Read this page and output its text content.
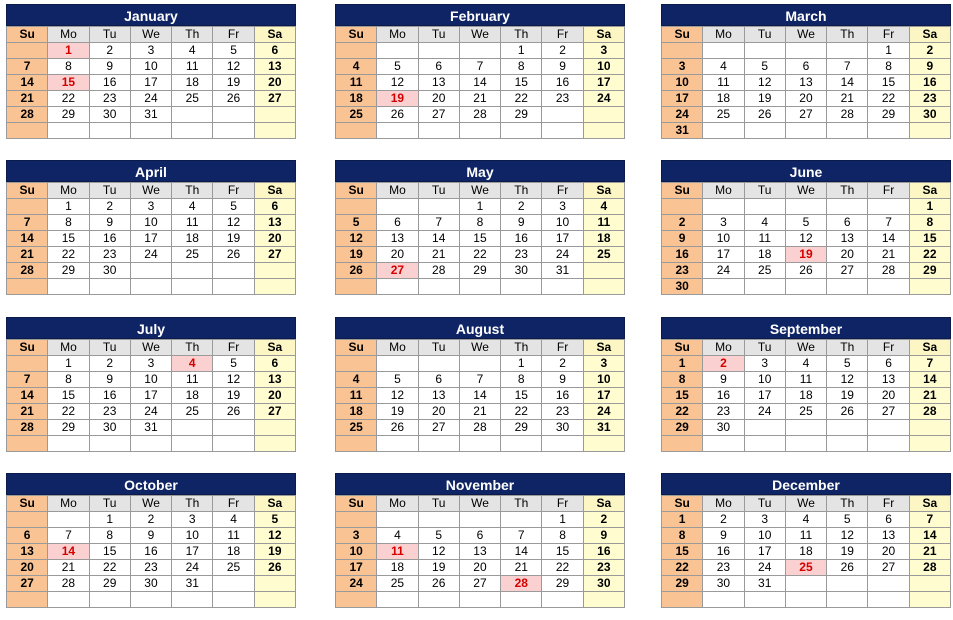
January
Su	Mo	Tu	We	Th	Fr	Sa
	1	2	3	4	5	6
7	8	9	10	11	12	13
14	15	16	17	18	19	20
21	22	23	24	25	26	27
28	29	30	31			

February
Su	Mo	Tu	We	Th	Fr	Sa
				1	2	3
4	5	6	7	8	9	10
11	12	13	14	15	16	17
18	19	20	21	22	23	24
25	26	27	28	29		

March
Su	Mo	Tu	We	Th	Fr	Sa
					1	2
3	4	5	6	7	8	9
10	11	12	13	14	15	16
17	18	19	20	21	22	23
24	25	26	27	28	29	30
31						
April
Su	Mo	Tu	We	Th	Fr	Sa
	1	2	3	4	5	6
7	8	9	10	11	12	13
14	15	16	17	18	19	20
21	22	23	24	25	26	27
28	29	30				

May
Su	Mo	Tu	We	Th	Fr	Sa
			1	2	3	4
5	6	7	8	9	10	11
12	13	14	15	16	17	18
19	20	21	22	23	24	25
26	27	28	29	30	31	

June
Su	Mo	Tu	We	Th	Fr	Sa
						1
2	3	4	5	6	7	8
9	10	11	12	13	14	15
16	17	18	19	20	21	22
23	24	25	26	27	28	29
30						
July
Su	Mo	Tu	We	Th	Fr	Sa
	1	2	3	4	5	6
7	8	9	10	11	12	13
14	15	16	17	18	19	20
21	22	23	24	25	26	27
28	29	30	31			

August
Su	Mo	Tu	We	Th	Fr	Sa
				1	2	3
4	5	6	7	8	9	10
11	12	13	14	15	16	17
18	19	20	21	22	23	24
25	26	27	28	29	30	31

September
Su	Mo	Tu	We	Th	Fr	Sa
1	2	3	4	5	6	7
8	9	10	11	12	13	14
15	16	17	18	19	20	21
22	23	24	25	26	27	28
29	30					

October
Su	Mo	Tu	We	Th	Fr	Sa
		1	2	3	4	5
6	7	8	9	10	11	12
13	14	15	16	17	18	19
20	21	22	23	24	25	26
27	28	29	30	31		

November
Su	Mo	Tu	We	Th	Fr	Sa
					1	2
3	4	5	6	7	8	9
10	11	12	13	14	15	16
17	18	19	20	21	22	23
24	25	26	27	28	29	30

December
Su	Mo	Tu	We	Th	Fr	Sa
1	2	3	4	5	6	7
8	9	10	11	12	13	14
15	16	17	18	19	20	21
22	23	24	25	26	27	28
29	30	31				
